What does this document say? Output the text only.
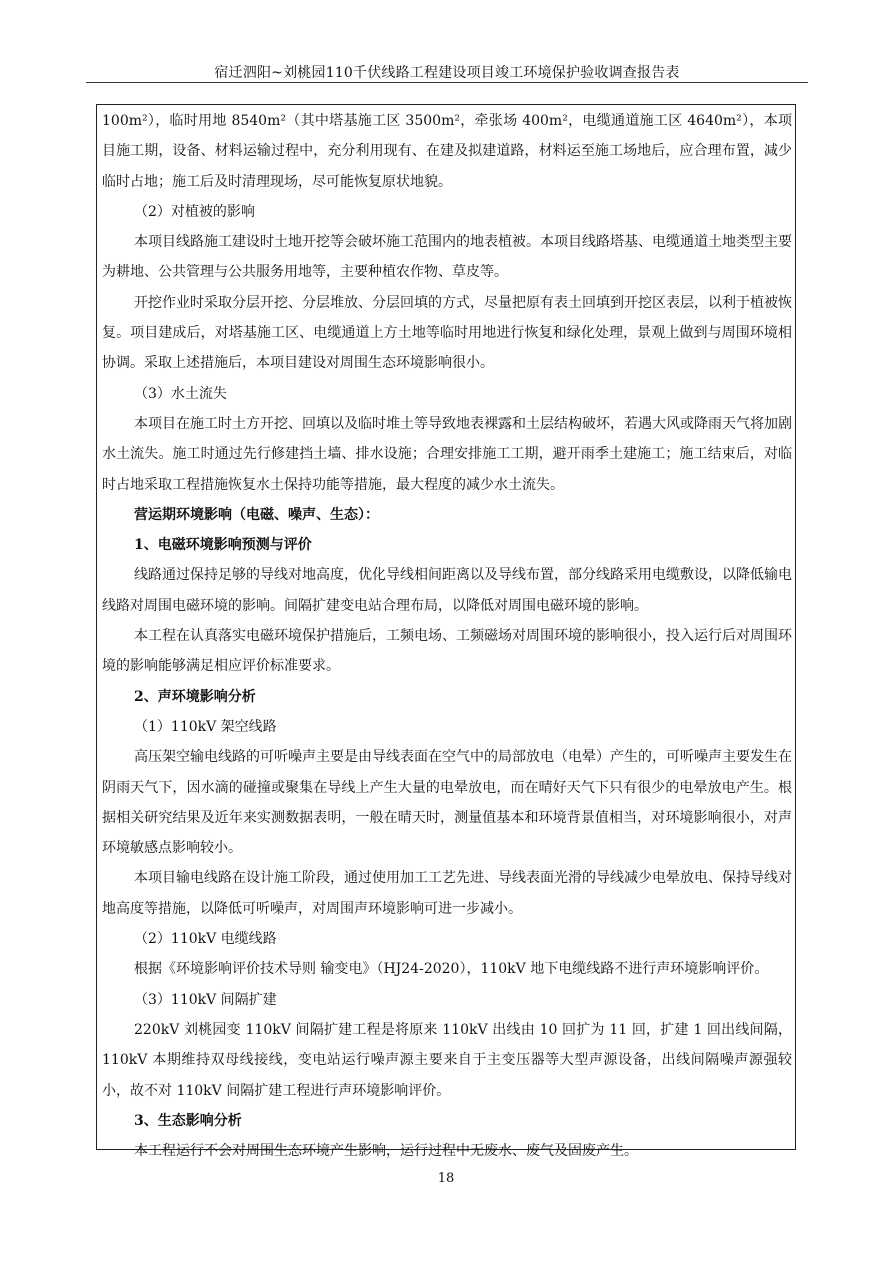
宿迁泗阳~刘桃园110千伏线路工程建设项目竣工环境保护验收调查报告表

100m²），临时用地 8540m²（其中塔基施工区 3500m²，牵张场 400m²，电缆通道施工区 4640m²），本项目施工期，设备、材料运输过程中，充分利用现有、在建及拟建道路，材料运至施工场地后，应合理布置，减少临时占地；施工后及时清理现场，尽可能恢复原状地貌。

（2）对植被的影响

本项目线路施工建设时土地开挖等会破坏施工范围内的地表植被。本项目线路塔基、电缆通道土地类型主要为耕地、公共管理与公共服务用地等，主要种植农作物、草皮等。

开挖作业时采取分层开挖、分层堆放、分层回填的方式，尽量把原有表土回填到开挖区表层，以利于植被恢复。项目建成后，对塔基施工区、电缆通道上方土地等临时用地进行恢复和绿化处理，景观上做到与周围环境相协调。采取上述措施后，本项目建设对周围生态环境影响很小。

（3）水土流失

本项目在施工时土方开挖、回填以及临时堆土等导致地表裸露和土层结构破坏，若遇大风或降雨天气将加剧水土流失。施工时通过先行修建挡土墙、排水设施；合理安排施工工期，避开雨季土建施工；施工结束后，对临时占地采取工程措施恢复水土保持功能等措施，最大程度的减少水土流失。

营运期环境影响（电磁、噪声、生态）：

1、电磁环境影响预测与评价

线路通过保持足够的导线对地高度，优化导线相间距离以及导线布置，部分线路采用电缆敷设，以降低输电线路对周围电磁环境的影响。间隔扩建变电站合理布局，以降低对周围电磁环境的影响。

本工程在认真落实电磁环境保护措施后，工频电场、工频磁场对周围环境的影响很小，投入运行后对周围环境的影响能够满足相应评价标准要求。

2、声环境影响分析

（1）110kV 架空线路

高压架空输电线路的可听噪声主要是由导线表面在空气中的局部放电（电晕）产生的，可听噪声主要发生在阴雨天气下，因水滴的碰撞或聚集在导线上产生大量的电晕放电，而在晴好天气下只有很少的电晕放电产生。根据相关研究结果及近年来实测数据表明，一般在晴天时，测量值基本和环境背景值相当，对环境影响很小，对声环境敏感点影响较小。

本项目输电线路在设计施工阶段，通过使用加工工艺先进、导线表面光滑的导线减少电晕放电、保持导线对地高度等措施，以降低可听噪声，对周围声环境影响可进一步减小。

（2）110kV 电缆线路

根据《环境影响评价技术导则 输变电》（HJ24-2020），110kV 地下电缆线路不进行声环境影响评价。

（3）110kV 间隔扩建

220kV 刘桃园变 110kV 间隔扩建工程是将原来 110kV 出线由 10 回扩为 11 回，扩建 1 回出线间隔，110kV 本期维持双母线接线，变电站运行噪声源主要来自于主变压器等大型声源设备，出线间隔噪声源强较小，故不对 110kV 间隔扩建工程进行声环境影响评价。

3、生态影响分析

本工程运行不会对周围生态环境产生影响，运行过程中无废水、废气及固废产生。

18
